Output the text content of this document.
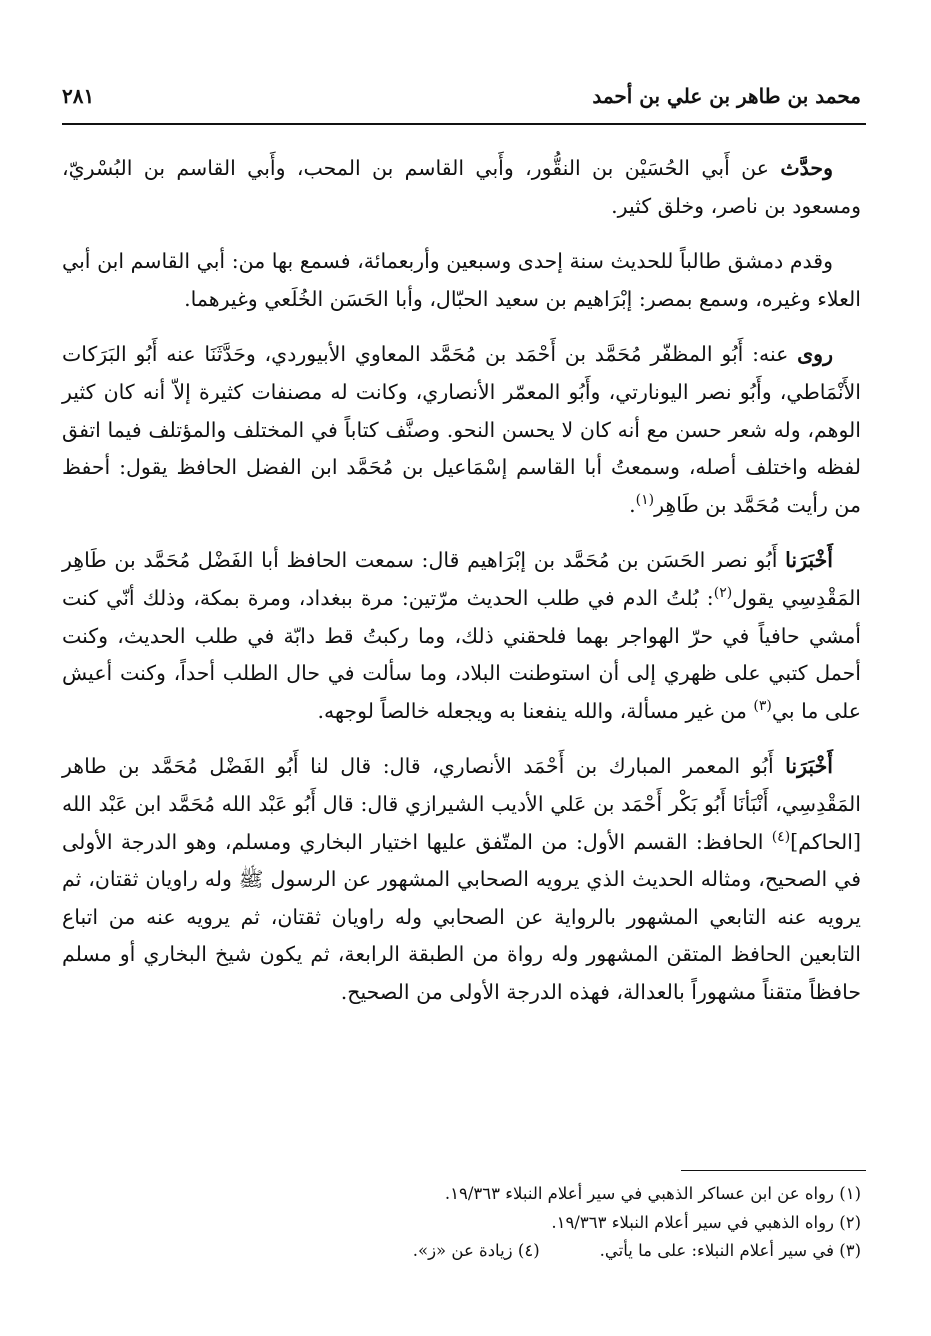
محمد بن طاهر بن علي بن أحمد
٢٨١

وحدَّث عن أَبي الحُسَيْن بن النقُّور، وأَبي القاسم بن المحب، وأَبي القاسم بن البُسْريّ، ومسعود بن ناصر، وخلق كثير.

وقدم دمشق طالباً للحديث سنة إحدى وسبعين وأربعمائة، فسمع بها من: أبي القاسم ابن أبي العلاء وغيره، وسمع بمصر: إبْرَاهيم بن سعيد الحبّال، وأبا الحَسَن الخُلَعي وغيرهما.

روى عنه: أَبُو المظفّر مُحَمَّد بن أَحْمَد بن مُحَمَّد المعاوي الأبيوردي، وحَدَّثَنَا عنه أَبُو البَرَكات الأَنْمَاطي، وأَبُو نصر اليونارتي، وأَبُو المعمّر الأنصاري، وكانت له مصنفات كثيرة إلاّ أنه كان كثير الوهم، وله شعر حسن مع أنه كان لا يحسن النحو. وصنَّف كتاباً في المختلف والمؤتلف فيما اتفق لفظه واختلف أصله، وسمعتُ أبا القاسم إسْمَاعيل بن مُحَمَّد ابن الفضل الحافظ يقول: أحفظ من رأيت مُحَمَّد بن طَاهِر$^{(١)}$.

أَخْبَرَنا أَبُو نصر الحَسَن بن مُحَمَّد بن إبْرَاهيم قال: سمعت الحافظ أبا الفَضْل مُحَمَّد بن طَاهِر المَقْدِسِي يقول$^{(٢)}$: بُلتُ الدم في طلب الحديث مرّتين: مرة ببغداد، ومرة بمكة، وذلك أنّي كنت أمشي حافياً في حرّ الهواجر بهما فلحقني ذلك، وما ركبتُ قط دابّة في طلب الحديث، وكنت أحمل كتبي على ظهري إلى أن استوطنت البلاد، وما سألت في حال الطلب أحداً، وكنت أعيش على ما بي$^{(٣)}$ من غير مسألة، والله ينفعنا به ويجعله خالصاً لوجهه.

أَخْبَرَنا أَبُو المعمر المبارك بن أَحْمَد الأنصاري، قال: قال لنا أَبُو الفَضْل مُحَمَّد بن طاهر المَقْدِسِي، أَنْبَأنَا أَبُو بَكْر أَحْمَد بن عَلي الأديب الشيرازي قال: قال أَبُو عَبْد الله مُحَمَّد ابن عَبْد الله [الحاكم]$^{(٤)}$ الحافظ: القسم الأول: من المتّفق عليها اختيار البخاري ومسلم، وهو الدرجة الأولى في الصحيح، ومثاله الحديث الذي يرويه الصحابي المشهور عن الرسول ﷺ وله راويان ثقتان، ثم يرويه عنه التابعي المشهور بالرواية عن الصحابي وله راويان ثقتان، ثم يرويه عنه من اتباع التابعين الحافظ المتقن المشهور وله رواة من الطبقة الرابعة، ثم يكون شيخ البخاري أو مسلم حافظاً متقناً مشهوراً بالعدالة، فهذه الدرجة الأولى من الصحيح.

(١) رواه عن ابن عساكر الذهبي في سير أعلام النبلاء ١٩/٣٦٣.
(٢) رواه الذهبي في سير أعلام النبلاء ١٩/٣٦٣.
(٣) في سير أعلام النبلاء: على ما يأتي.(٤) زيادة عن «ز».
